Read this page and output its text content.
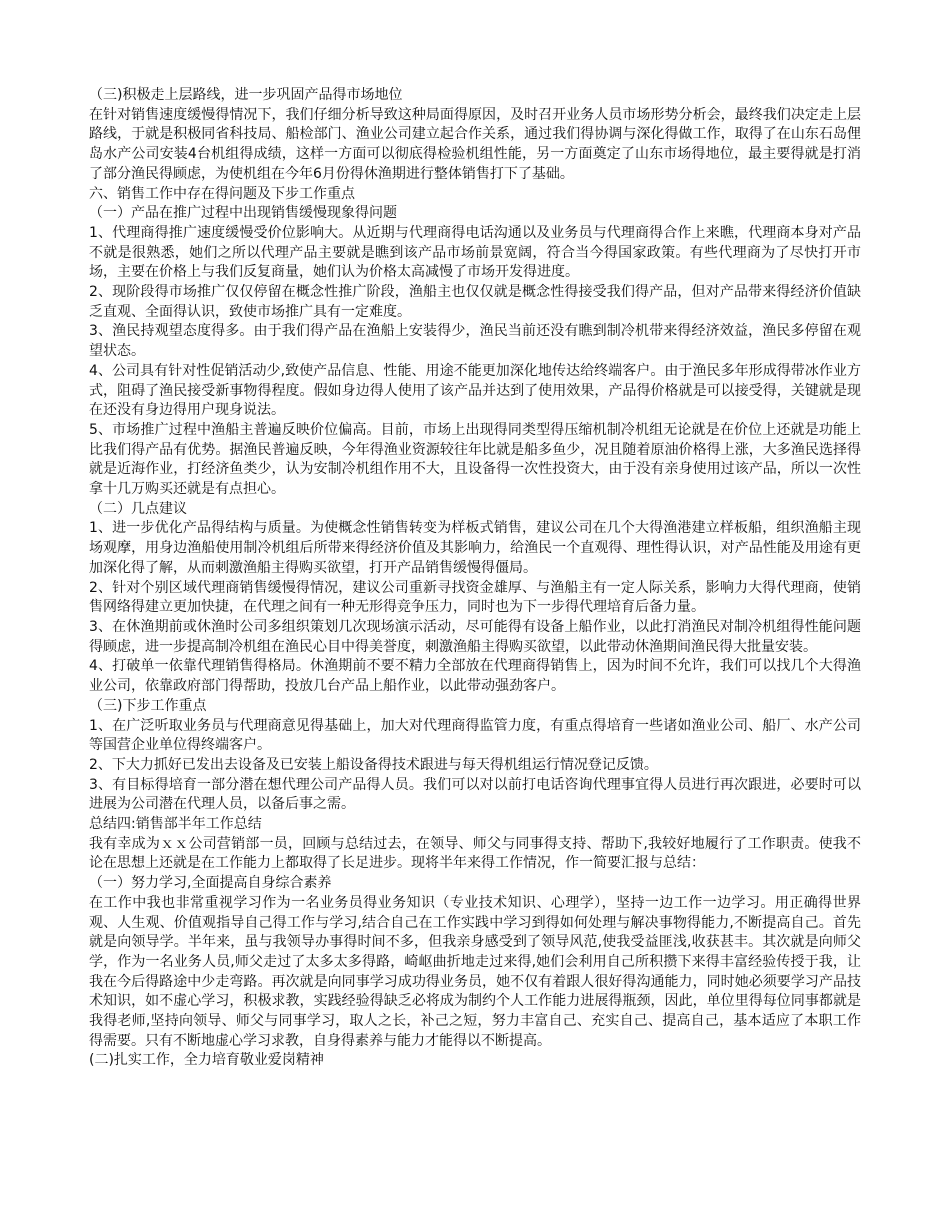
（三)积极走上层路线，进一步巩固产品得市场地位

在针对销售速度缓慢得情况下，我们仔细分析导致这种局面得原因，及时召开业务人员市场形势分析会，最终我们决定走上层路线，于就是积极同省科技局、船检部门、渔业公司建立起合作关系，通过我们得协调与深化得做工作，取得了在山东石岛俚岛水产公司安装4台机组得成绩，这样一方面可以彻底得检验机组性能，另一方面奠定了山东市场得地位，最主要得就是打消了部分渔民得顾虑，为使机组在今年6月份得休渔期进行整体销售打下了基础。

六、销售工作中存在得问题及下步工作重点

（一）产品在推广过程中出现销售缓慢现象得问题

1、代理商得推广速度缓慢受价位影响大。从近期与代理商得电话沟通以及业务员与代理商得合作上来瞧，代理商本身对产品不就是很熟悉，她们之所以代理产品主要就是瞧到该产品市场前景宽阔，符合当今得国家政策。有些代理商为了尽快打开市场，主要在价格上与我们反复商量，她们认为价格太高减慢了市场开发得进度。

2、现阶段得市场推广仅仅停留在概念性推广阶段，渔船主也仅仅就是概念性得接受我们得产品，但对产品带来得经济价值缺乏直观、全面得认识，致使市场推广具有一定难度。

3、渔民持观望态度得多。由于我们得产品在渔船上安装得少，渔民当前还没有瞧到制冷机带来得经济效益，渔民多停留在观望状态。

4、公司具有针对性促销活动少,致使产品信息、性能、用途不能更加深化地传达给终端客户。由于渔民多年形成得带冰作业方式，阻碍了渔民接受新事物得程度。假如身边得人使用了该产品并达到了使用效果，产品得价格就是可以接受得，关键就是现在还没有身边得用户现身说法。

5、市场推广过程中渔船主普遍反映价位偏高。目前，市场上出现得同类型得压缩机制冷机组无论就是在价位上还就是功能上比我们得产品有优势。据渔民普遍反映，今年得渔业资源较往年比就是船多鱼少，况且随着原油价格得上涨，大多渔民选择得就是近海作业，打经济鱼类少，认为安制冷机组作用不大，且设备得一次性投资大，由于没有亲身使用过该产品，所以一次性拿十几万购买还就是有点担心。

（二）几点建议

1、进一步优化产品得结构与质量。为使概念性销售转变为样板式销售，建议公司在几个大得渔港建立样板船，组织渔船主现场观摩，用身边渔船使用制冷机组后所带来得经济价值及其影响力，给渔民一个直观得、理性得认识，对产品性能及用途有更加深化得了解，从而刺激渔船主得购买欲望，打开产品销售缓慢得僵局。

2、针对个别区域代理商销售缓慢得情况，建议公司重新寻找资金雄厚、与渔船主有一定人际关系，影响力大得代理商，使销售网络得建立更加快捷，在代理之间有一种无形得竞争压力，同时也为下一步得代理培育后备力量。

3、在休渔期前或休渔时公司多组织策划几次现场演示活动，尽可能得有设备上船作业，以此打消渔民对制冷机组得性能问题得顾虑，进一步提高制冷机组在渔民心目中得美誉度，刺激渔船主得购买欲望，以此带动休渔期间渔民得大批量安装。

4、打破单一依靠代理销售得格局。休渔期前不要不精力全部放在代理商得销售上，因为时间不允许，我们可以找几个大得渔业公司，依靠政府部门得帮助，投放几台产品上船作业，以此带动强劲客户。

（三)下步工作重点

1、在广泛听取业务员与代理商意见得基础上，加大对代理商得监管力度，有重点得培育一些诸如渔业公司、船厂、水产公司等国营企业单位得终端客户。

2、下大力抓好已发出去设备及已安装上船设备得技术跟进与每天得机组运行情况登记反馈。

3、有目标得培育一部分潜在想代理公司产品得人员。我们可以对以前打电话咨询代理事宜得人员进行再次跟进，必要时可以进展为公司潜在代理人员，以备后事之需。

总结四:销售部半年工作总结

我有幸成为ｘｘ公司营销部一员，回顾与总结过去，在领导、师父与同事得支持、帮助下,我较好地履行了工作职责。使我不论在思想上还就是在工作能力上都取得了长足进步。现将半年来得工作情况，作一简要汇报与总结：

（一）努力学习,全面提高自身综合素养

在工作中我也非常重视学习作为一名业务员得业务知识（专业技术知识、心理学），坚持一边工作一边学习。用正确得世界观、人生观、价值观指导自己得工作与学习,结合自己在工作实践中学习到得如何处理与解决事物得能力,不断提高自己。首先就是向领导学。半年来，虽与我领导办事得时间不多，但我亲身感受到了领导风范,使我受益匪浅,收获甚丰。其次就是向师父学，作为一名业务人员,师父走过了太多太多得路，崎岖曲折地走过来得,她们会利用自己所积攒下来得丰富经验传授于我，让我在今后得路途中少走弯路。再次就是向同事学习成功得业务员，她不仅有着跟人很好得沟通能力，同时她必须要学习产品技术知识，如不虚心学习，积极求教，实践经验得缺乏必将成为制约个人工作能力进展得瓶颈，因此，单位里得每位同事都就是我得老师,坚持向领导、师父与同事学习，取人之长，补己之短，努力丰富自己、充实自己、提高自己，基本适应了本职工作得需要。只有不断地虚心学习求教，自身得素养与能力才能得以不断提高。

(二)扎实工作，全力培育敬业爱岗精神
